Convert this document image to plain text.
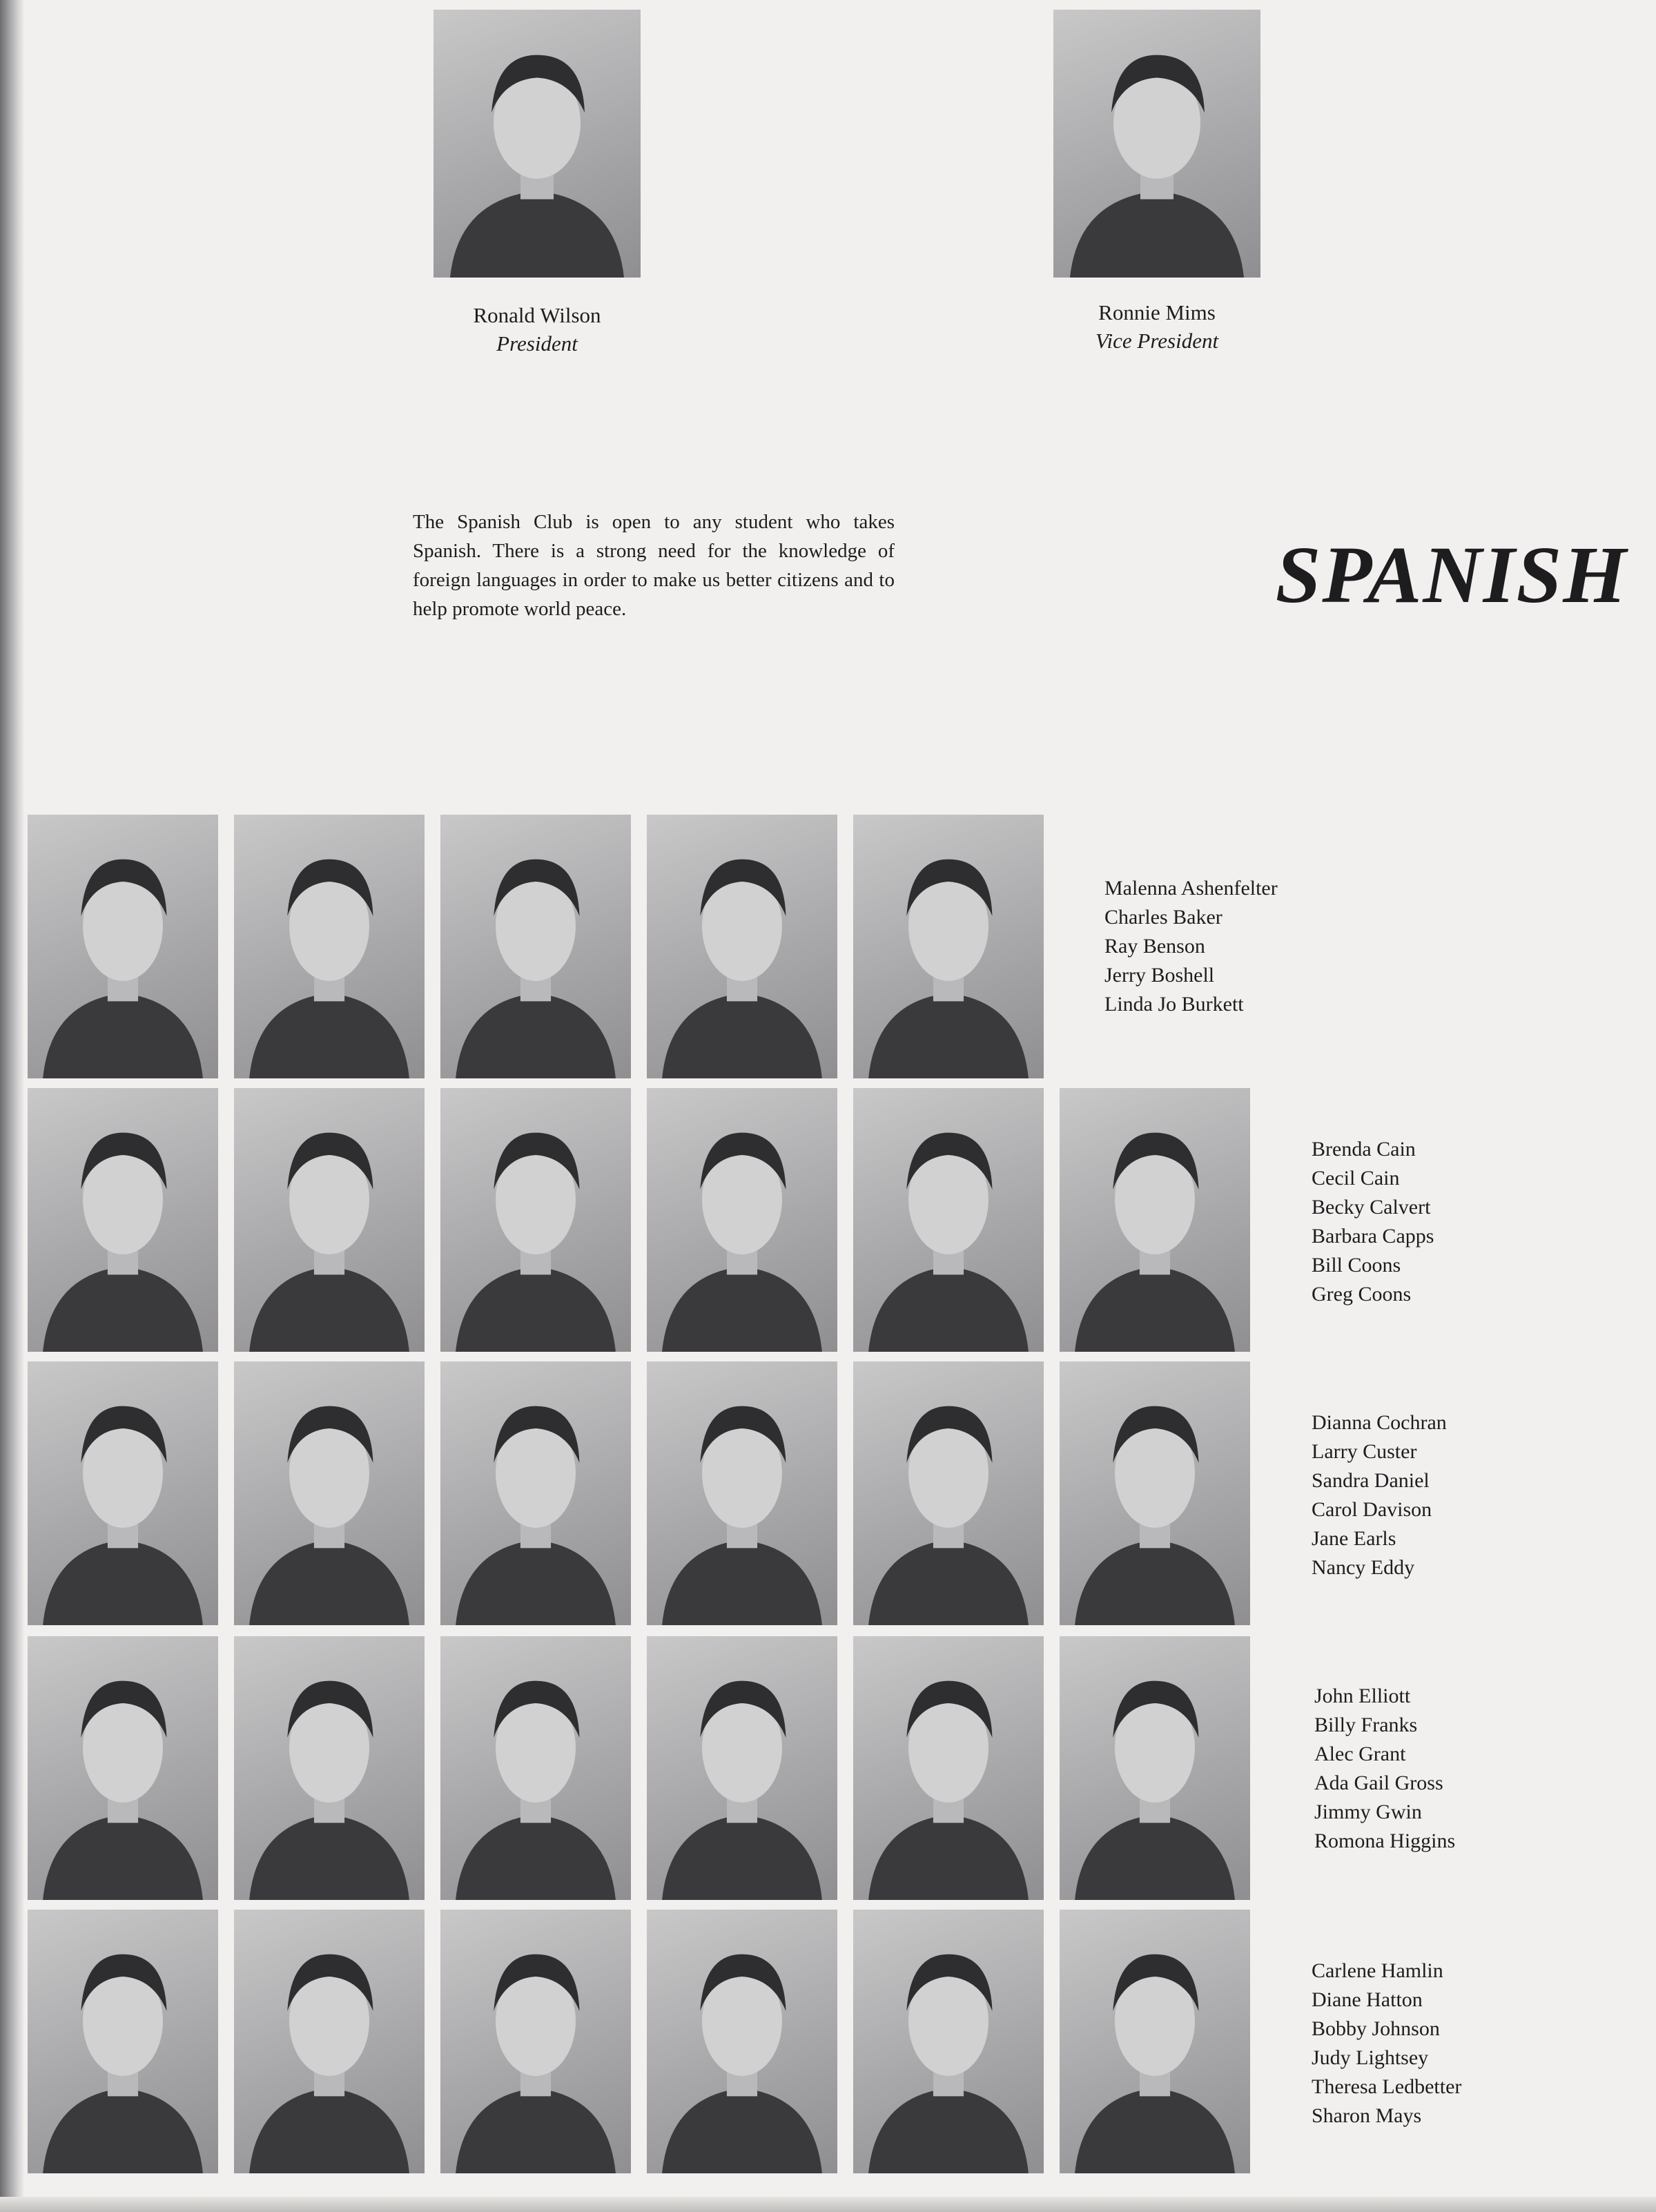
Ronald Wilson
President
Ronnie Mims
Vice President

The Spanish Club is open to any student who takes Spanish. There is a strong need for the knowledge of foreign languages in order to make us better citizens and to help promote world peace.	SPANISH
Malenna Ashenfelter
Charles Baker
Ray Benson
Jerry Boshell
Linda Jo Burkett
Brenda Cain
Cecil Cain
Becky Calvert
Barbara Capps
Bill Coons
Greg Coons
Dianna Cochran
Larry Custer
Sandra Daniel
Carol Davison
Jane Earls
Nancy Eddy
John Elliott
Billy Franks
Alec Grant
Ada Gail Gross
Jimmy Gwin
Romona Higgins
Carlene Hamlin
Diane Hatton
Bobby Johnson
Judy Lightsey
Theresa Ledbetter
Sharon Mays
